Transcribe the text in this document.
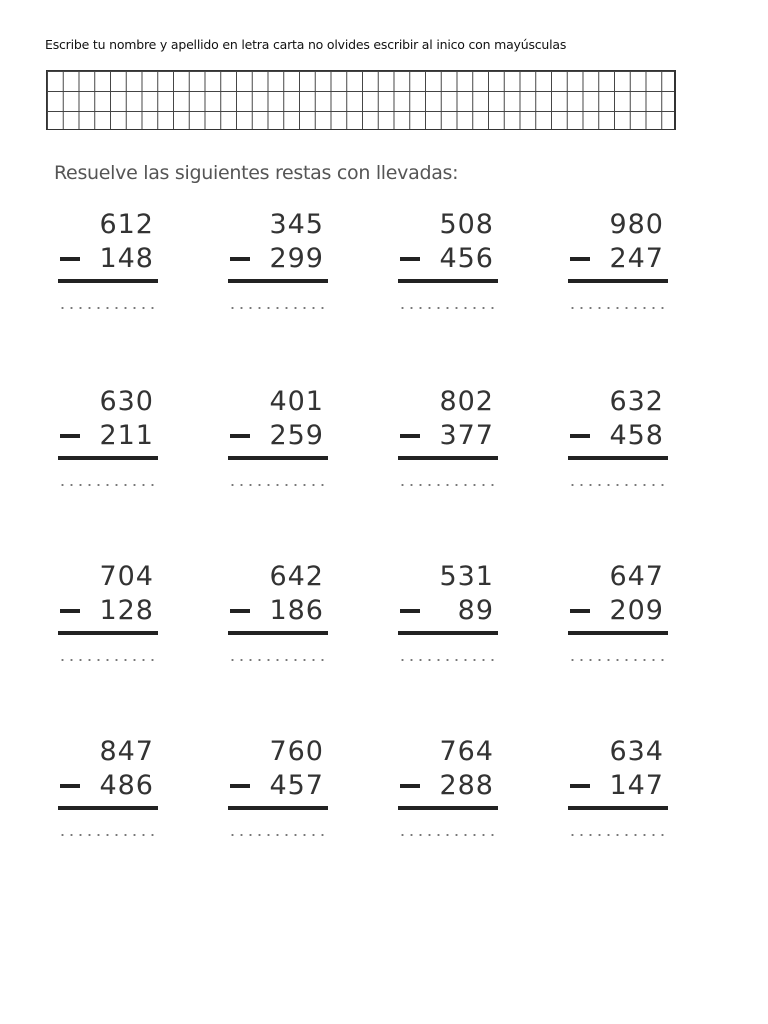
Escribe tu nombre y apellido en letra carta no olvides escribir al inico con mayúsculas
Resuelve las siguientes restas con llevadas:
612
148
345
299
508
456
980
247
630
211
401
259
802
377
632
458
704
128
642
186
531
89
647
209
847
486
760
457
764
288
634
147
